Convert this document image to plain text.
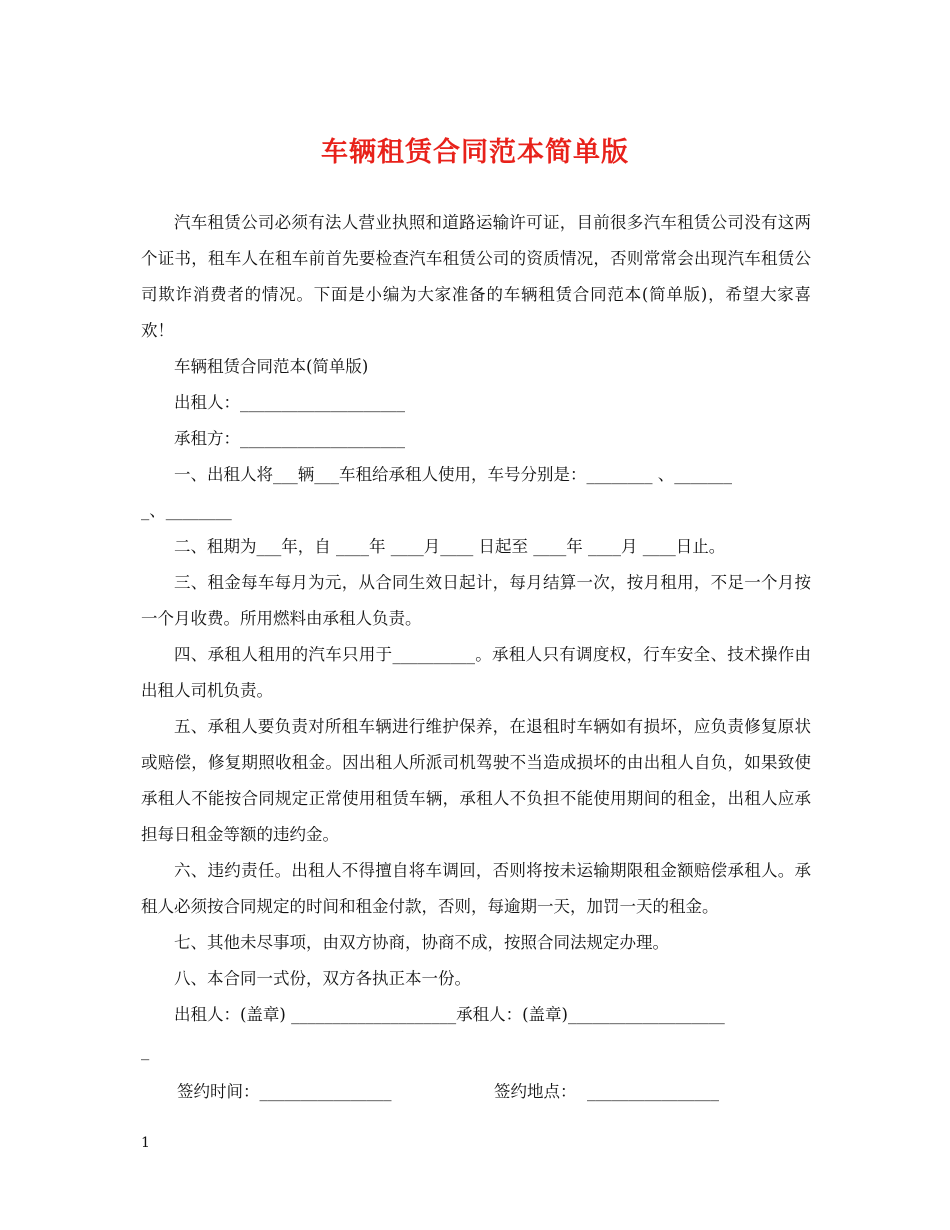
车辆租赁合同范本简单版

汽车租赁公司必须有法人营业执照和道路运输许可证，目前很多汽车租赁公司没有这两个证书，租车人在租车前首先要检查汽车租赁公司的资质情况，否则常常会出现汽车租赁公司欺诈消费者的情况。下面是小编为大家准备的车辆租赁合同范本(简单版)，希望大家喜欢！

车辆租赁合同范本(简单版)

出租人：____________________

承租方：____________________

一、出租人将___辆___车租给承租人使用，车号分别是：________ 、_______

_、________

二、租期为___年，自 ____年 ____月____ 日起至 ____年 ____月 ____日止。

三、租金每车每月为元，从合同生效日起计，每月结算一次，按月租用，不足一个月按一个月收费。所用燃料由承租人负责。

四、承租人租用的汽车只用于__________。承租人只有调度权，行车安全、技术操作由出租人司机负责。

五、承租人要负责对所租车辆进行维护保养，在退租时车辆如有损坏，应负责修复原状或赔偿，修复期照收租金。因出租人所派司机驾驶不当造成损坏的由出租人自负，如果致使承租人不能按合同规定正常使用租赁车辆，承租人不负担不能使用期间的租金，出租人应承担每日租金等额的违约金。

六、违约责任。出租人不得擅自将车调回，否则将按未运输期限租金额赔偿承租人。承租人必须按合同规定的时间和租金付款，否则，每逾期一天，加罚一天的租金。

七、其他未尽事项，由双方协商，协商不成，按照合同法规定办理。

八、本合同一式份，双方各执正本一份。

出租人：(盖章) ____________________承租人：(盖章)___________________

_

签约时间：________________	签约地点：  ________________
1
